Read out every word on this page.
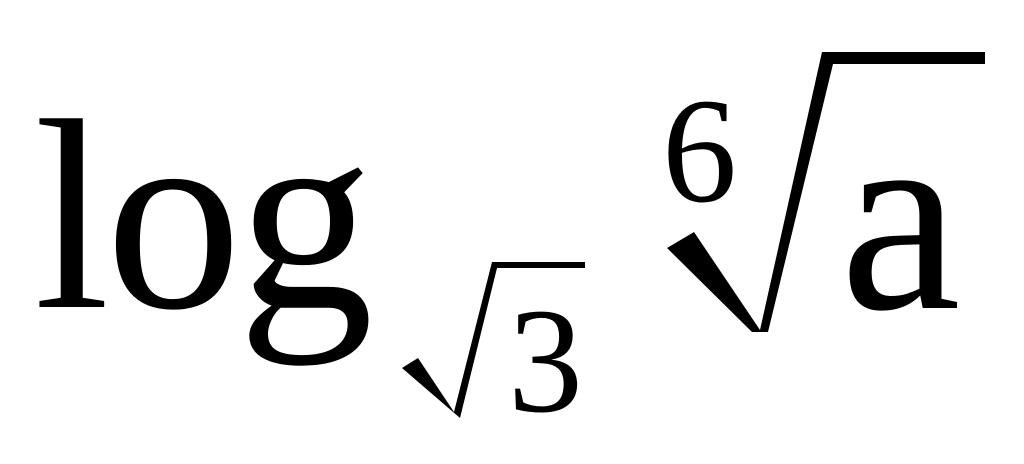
log 3
6 a
